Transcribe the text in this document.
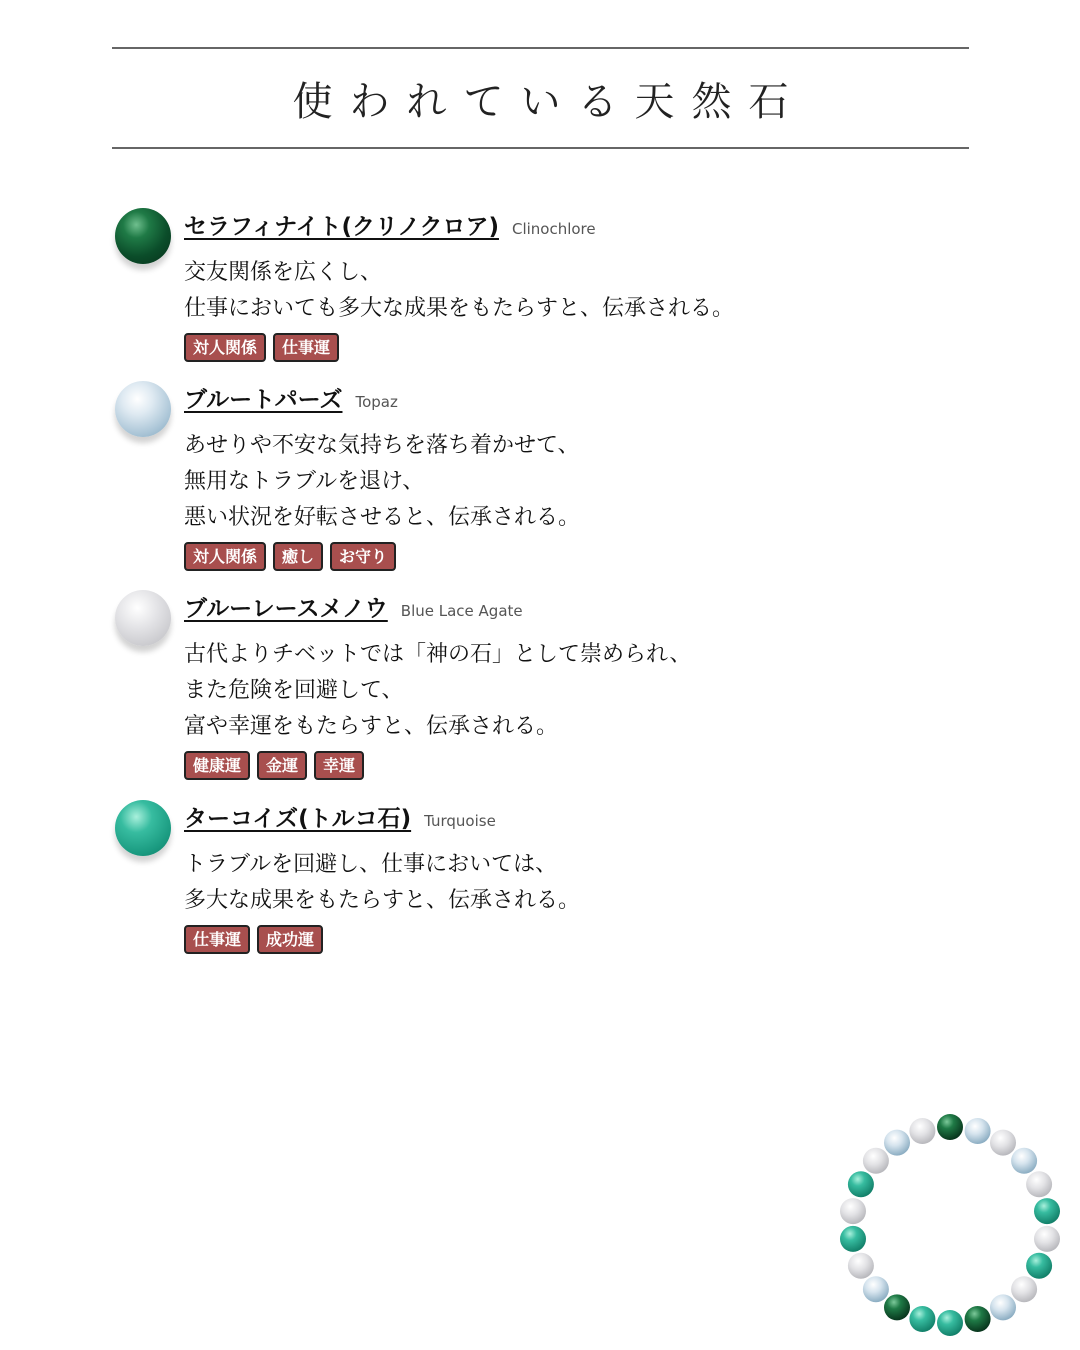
使われている天然石
セラフィナイト(クリノクロア) Clinochlore
交友関係を広くし、
仕事においても多大な成果をもたらすと、伝承される。
対人関係	仕事運
ブルートパーズ Topaz
あせりや不安な気持ちを落ち着かせて、
無用なトラブルを退け、
悪い状況を好転させると、伝承される。
対人関係	癒し	お守り
ブルーレースメノウ Blue Lace Agate
古代よりチベットでは「神の石」として崇められ、
また危険を回避して、
富や幸運をもたらすと、伝承される。
健康運	金運	幸運
ターコイズ(トルコ石) Turquoise
トラブルを回避し、仕事においては、
多大な成果をもたらすと、伝承される。
仕事運	成功運
